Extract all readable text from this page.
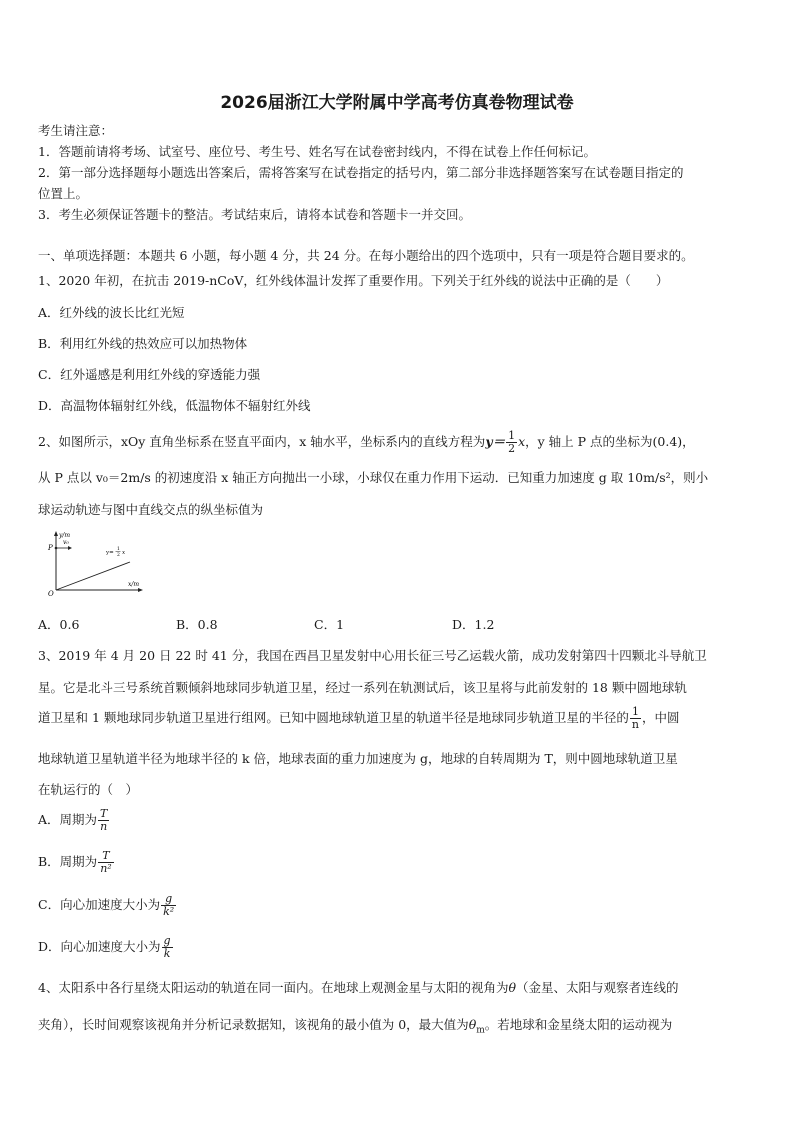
2026届浙江大学附属中学高考仿真卷物理试卷
考生请注意：
1．答题前请将考场、试室号、座位号、考生号、姓名写在试卷密封线内，不得在试卷上作任何标记。
2．第一部分选择题每小题选出答案后，需将答案写在试卷指定的括号内，第二部分非选择题答案写在试卷题目指定的
位置上。
3．考生必须保证答题卡的整洁。考试结束后，请将本试卷和答题卡一并交回。
一、单项选择题：本题共 6 小题，每小题 4 分，共 24 分。在每小题给出的四个选项中，只有一项是符合题目要求的。
1、2020 年初，在抗击 2019-nCoV，红外线体温计发挥了重要作用。下列关于红外线的说法中正确的是（　　）
A．红外线的波长比红光短
B．利用红外线的热效应可以加热物体
C．红外遥感是利用红外线的穿透能力强
D．高温物体辐射红外线，低温物体不辐射红外线
2、如图所示，xOy 直角坐标系在竖直平面内，x 轴水平，坐标系内的直线方程为$y= \frac{1}{2}$ x，y 轴上 P 点的坐标为(0.4)，
从 P 点以 v₀＝2m/s 的初速度沿 x 轴正方向抛出一小球，小球仅在重力作用下运动．已知重力加速度 g 取 10m/s²，则小
球运动轨迹与图中直线交点的纵坐标值为
y/m
x/m
P
v₀
O
y=
1
2 x
A．0.6	B．0.8	C．1	D．1.2
3、2019 年 4 月 20 日 22 时 41 分，我国在西昌卫星发射中心用长征三号乙运载火箭，成功发射第四十四颗北斗导航卫
星。它是北斗三号系统首颗倾斜地球同步轨道卫星，经过一系列在轨测试后，该卫星将与此前发射的 18 颗中圆地球轨
道卫星和 1 颗地球同步轨道卫星进行组网。已知中圆地球轨道卫星的轨道半径是地球同步轨道卫星的半径的 $\frac{1}{n}$ ，中圆
地球轨道卫星轨道半径为地球半径的 k 倍，地球表面的重力加速度为 g，地球的自转周期为 T，则中圆地球轨道卫星
在轨运行的（　）
A．周期为 $\frac{T}{n}$
B．周期为 $\frac{T}{\text{n²}}$
C．向心加速度大小为 $\frac{g}{\text{k²}}$
D．向心加速度大小为 $\frac{g}{k}$
4、太阳系中各行星绕太阳运动的轨道在同一面内。在地球上观测金星与太阳的视角为θ（金星、太阳与观察者连线的
夹角），长时间观察该视角并分析记录数据知，该视角的最小值为 0，最大值为$\theta_m$。若地球和金星绕太阳的运动视为
